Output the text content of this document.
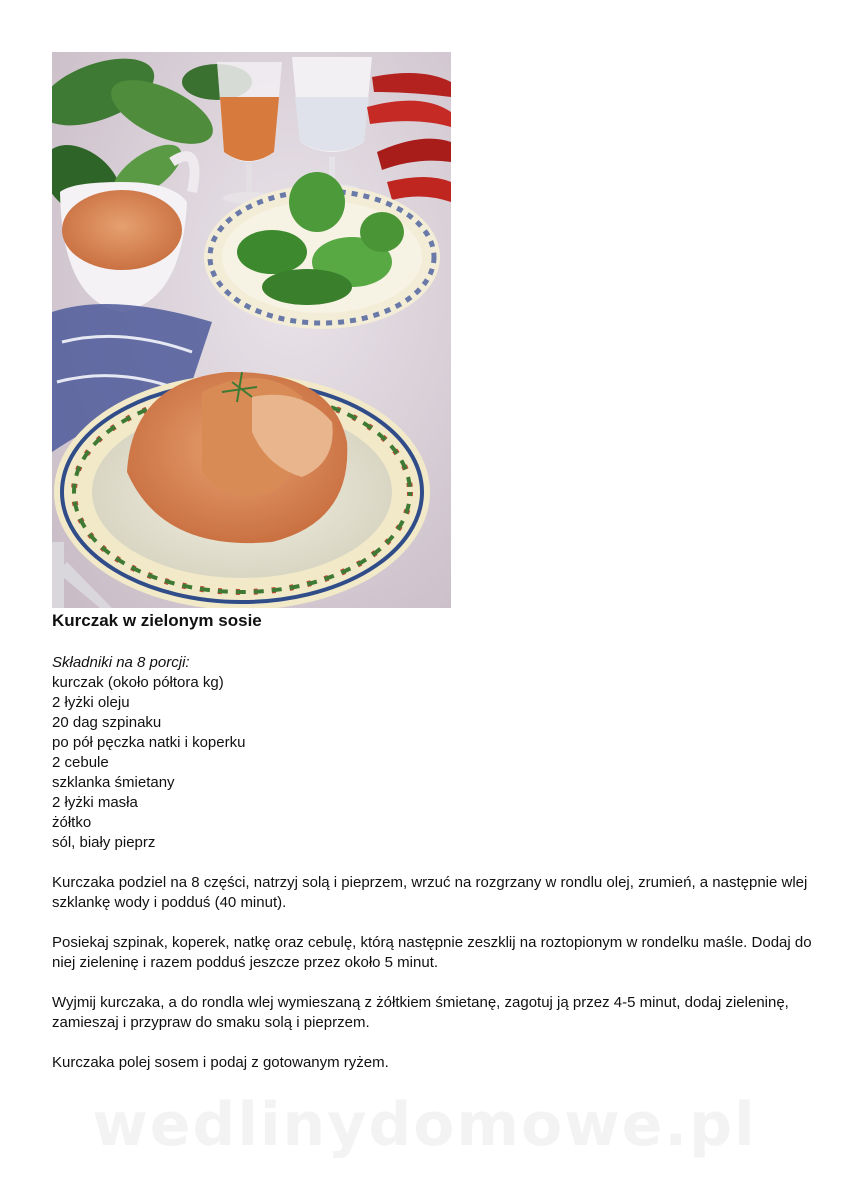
Kurczak w zielonym sosie
Składniki na 8 porcji:
kurczak (około półtora kg)
2 łyżki oleju
20 dag szpinaku
po pół pęczka natki i koperku
2 cebule
szklanka śmietany
2 łyżki masła
żółtko
sól, biały pieprz

Kurczaka podziel na 8 części, natrzyj solą i pieprzem, wrzuć na rozgrzany w rondlu olej, zrumień, a następnie wlej szklankę wody i podduś (40 minut).

Posiekaj szpinak, koperek, natkę oraz cebulę, którą następnie zeszklij na roztopionym w rondelku maśle. Dodaj do niej zieleninę i razem podduś jeszcze przez około 5 minut.

Wyjmij kurczaka, a do rondla wlej wymieszaną z żółtkiem śmietanę, zagotuj ją przez 4-5 minut, dodaj zieleninę, zamieszaj i przypraw do smaku solą i pieprzem.

Kurczaka polej sosem i podaj z gotowanym ryżem.

wedlinydomowe.pl
